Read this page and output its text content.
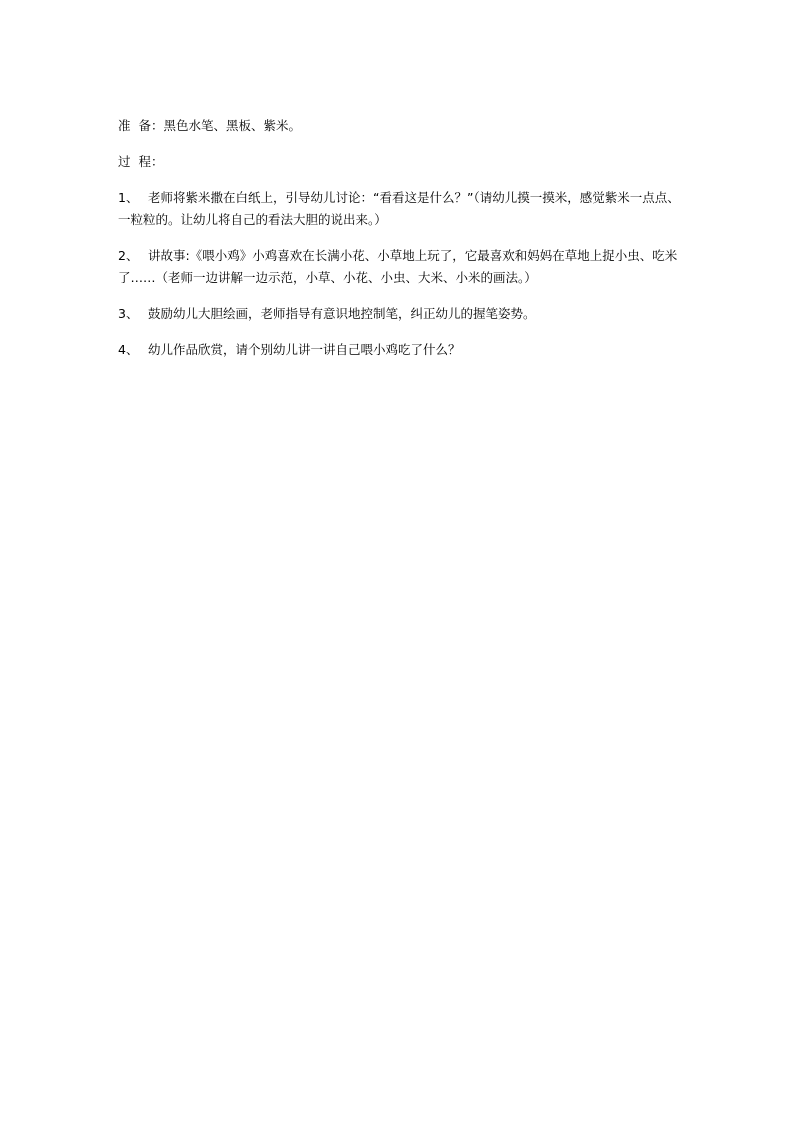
准  备：黑色水笔、黑板、紫米。

过  程：

1、 老师将紫米撒在白纸上，引导幼儿讨论：“看看这是什么？”（请幼儿摸一摸米，感觉紫米一点点、一粒粒的。让幼儿将自己的看法大胆的说出来。）

2、 讲故事:《喂小鸡》小鸡喜欢在长满小花、小草地上玩了，它最喜欢和妈妈在草地上捉小虫、吃米了……（老师一边讲解一边示范，小草、小花、小虫、大米、小米的画法。）

3、 鼓励幼儿大胆绘画，老师指导有意识地控制笔，纠正幼儿的握笔姿势。

4、 幼儿作品欣赏，请个别幼儿讲一讲自己喂小鸡吃了什么？
